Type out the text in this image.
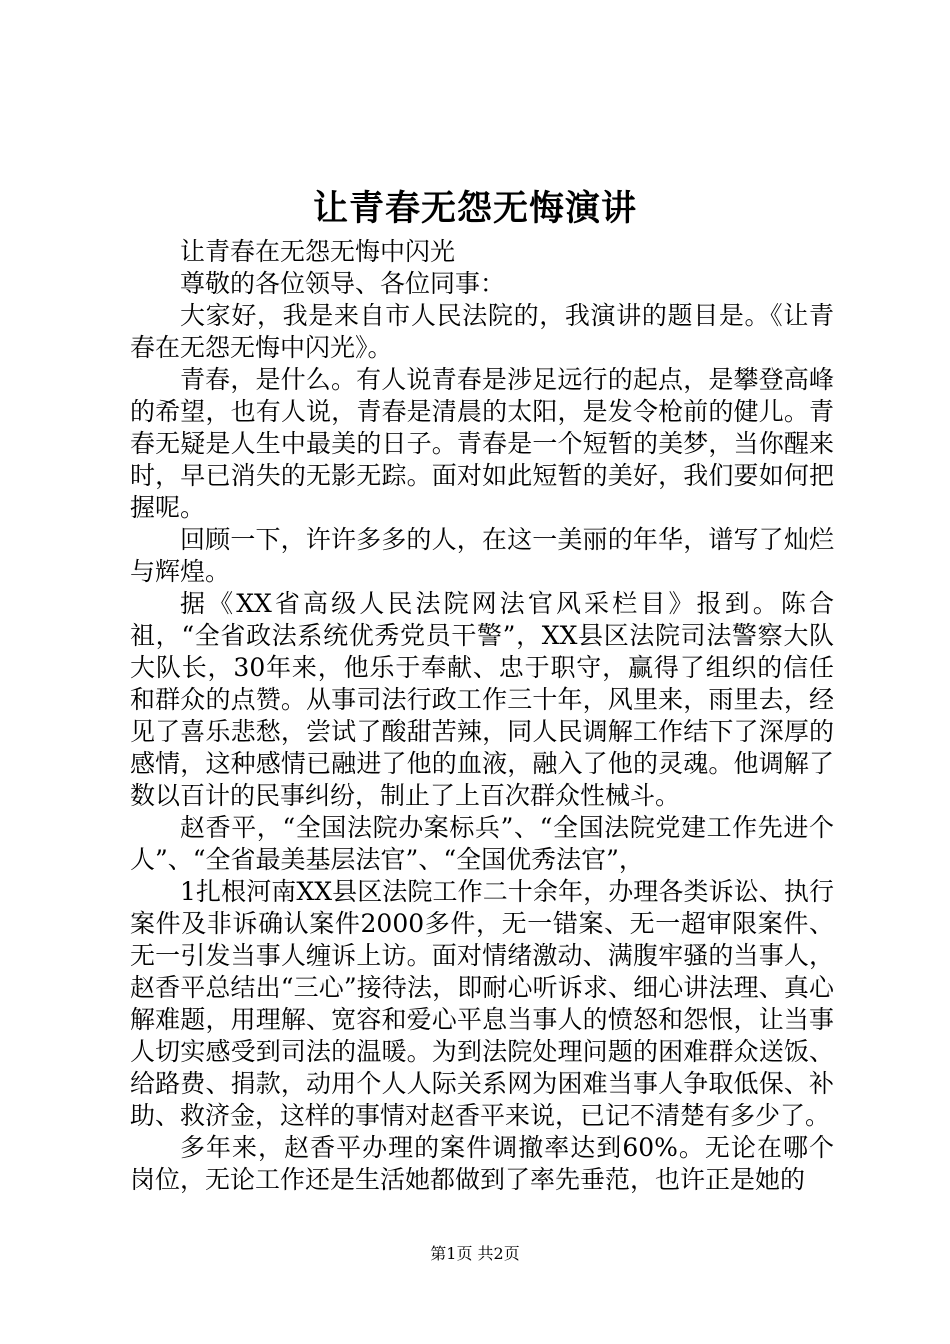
让青春无怨无悔演讲

让青春在无怨无悔中闪光

尊敬的各位领导、各位同事：

大家好，我是来自市人民法院的，我演讲的题目是。《让青春在无怨无悔中闪光》。

青春，是什么。有人说青春是涉足远行的起点，是攀登高峰的希望，也有人说，青春是清晨的太阳，是发令枪前的健儿。青春无疑是人生中最美的日子。青春是一个短暂的美梦，当你醒来时，早已消失的无影无踪。面对如此短暂的美好，我们要如何把握呢。

回顾一下，许许多多的人，在这一美丽的年华，谱写了灿烂与辉煌。

据《XX省高级人民法院网法官风采栏目》报到。陈合祖，“全省政法系统优秀党员干警”，XX县区法院司法警察大队大队长，30年来，他乐于奉献、忠于职守，赢得了组织的信任和群众的点赞。从事司法行政工作三十年，风里来，雨里去，经见了喜乐悲愁，尝试了酸甜苦辣，同人民调解工作结下了深厚的感情，这种感情已融进了他的血液，融入了他的灵魂。他调解了数以百计的民事纠纷，制止了上百次群众性械斗。

赵香平，“全国法院办案标兵”、“全国法院党建工作先进个人”、“全省最美基层法官”、“全国优秀法官”，

1扎根河南XX县区法院工作二十余年，办理各类诉讼、执行案件及非诉确认案件2000多件，无一错案、无一超审限案件、无一引发当事人缠诉上访。面对情绪激动、满腹牢骚的当事人，赵香平总结出“三心”接待法，即耐心听诉求、细心讲法理、真心解难题，用理解、宽容和爱心平息当事人的愤怒和怨恨，让当事人切实感受到司法的温暖。为到法院处理问题的困难群众送饭、给路费、捐款，动用个人人际关系网为困难当事人争取低保、补助、救济金，这样的事情对赵香平来说，已记不清楚有多少了。

多年来，赵香平办理的案件调撤率达到60%。无论在哪个岗位，无论工作还是生活她都做到了率先垂范，也许正是她的

第1页 共2页
